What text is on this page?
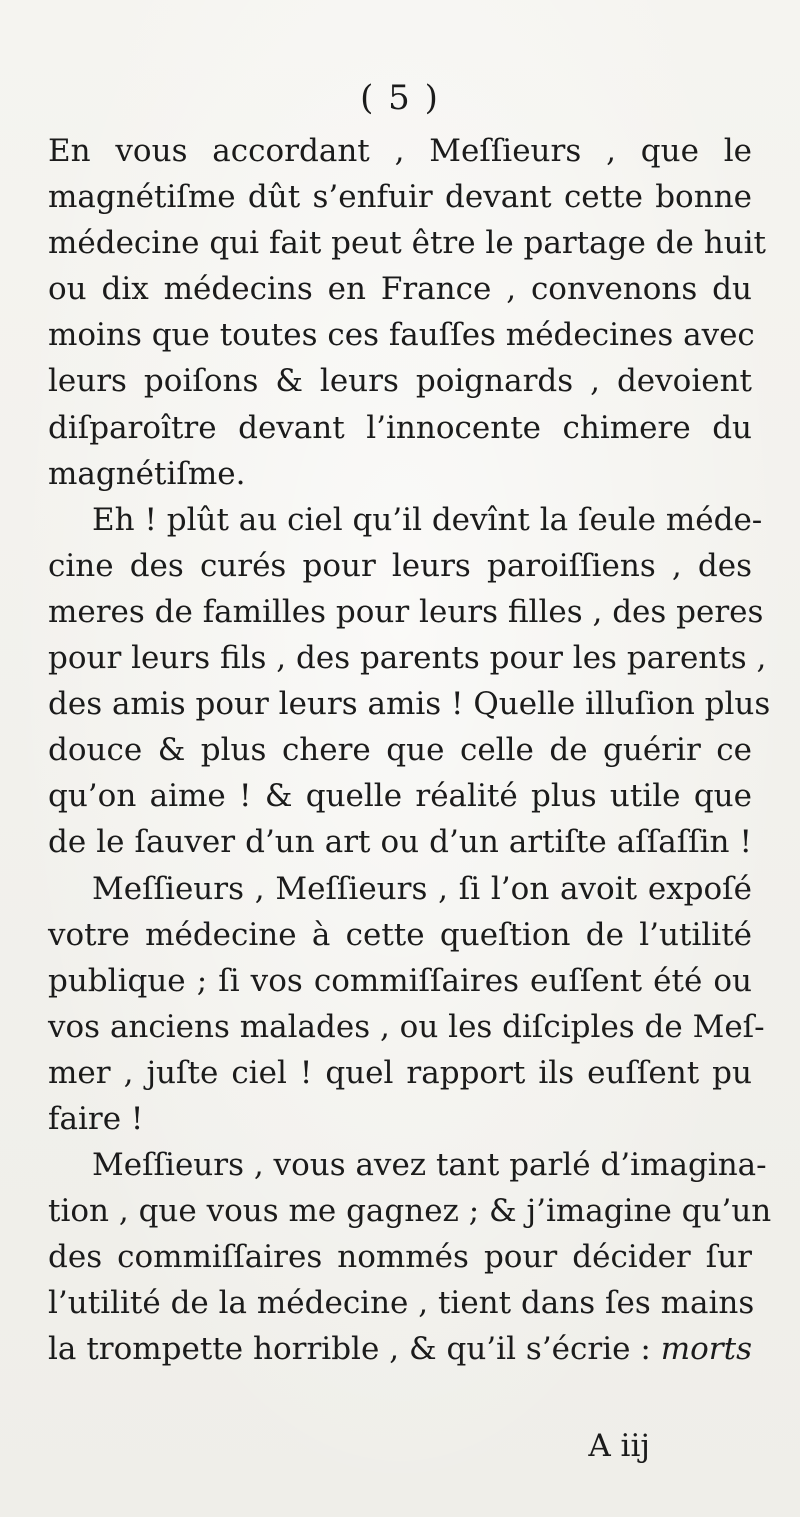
( 5 )
En vous accordant , Meſſieurs , que le
magnétiſme dût s’enfuir devant cette bonne
médecine qui fait peut être le partage de huit
ou dix médecins en France , convenons du
moins que toutes ces fauſſes médecines avec
leurs poiſons & leurs poignards , devoient
diſparoître devant l’innocente chimere du
magnétiſme.
Eh ! plût au ciel qu’il devînt la ſeule méde-
cine des curés pour leurs paroiſſiens , des
meres de familles pour leurs filles , des peres
pour leurs fils , des parents pour les parents ,
des amis pour leurs amis ! Quelle illuſion plus
douce & plus chere que celle de guérir ce
qu’on aime ! & quelle réalité plus utile que
de le ſauver d’un art ou d’un artiſte aſſaſſin !
Meſſieurs , Meſſieurs , ſi l’on avoit expoſé
votre médecine à cette queſtion de l’utilité
publique ; ſi vos commiſſaires euſſent été ou
vos anciens malades , ou les diſciples de Meſ-
mer , juſte ciel ! quel rapport ils euſſent pu
faire !
Meſſieurs , vous avez tant parlé d’imagina-
tion , que vous me gagnez ; & j’imagine qu’un
des commiſſaires nommés pour décider ſur
l’utilité de la médecine , tient dans ſes mains
la trompette horrible , & qu’il s’écrie : morts
A iij
